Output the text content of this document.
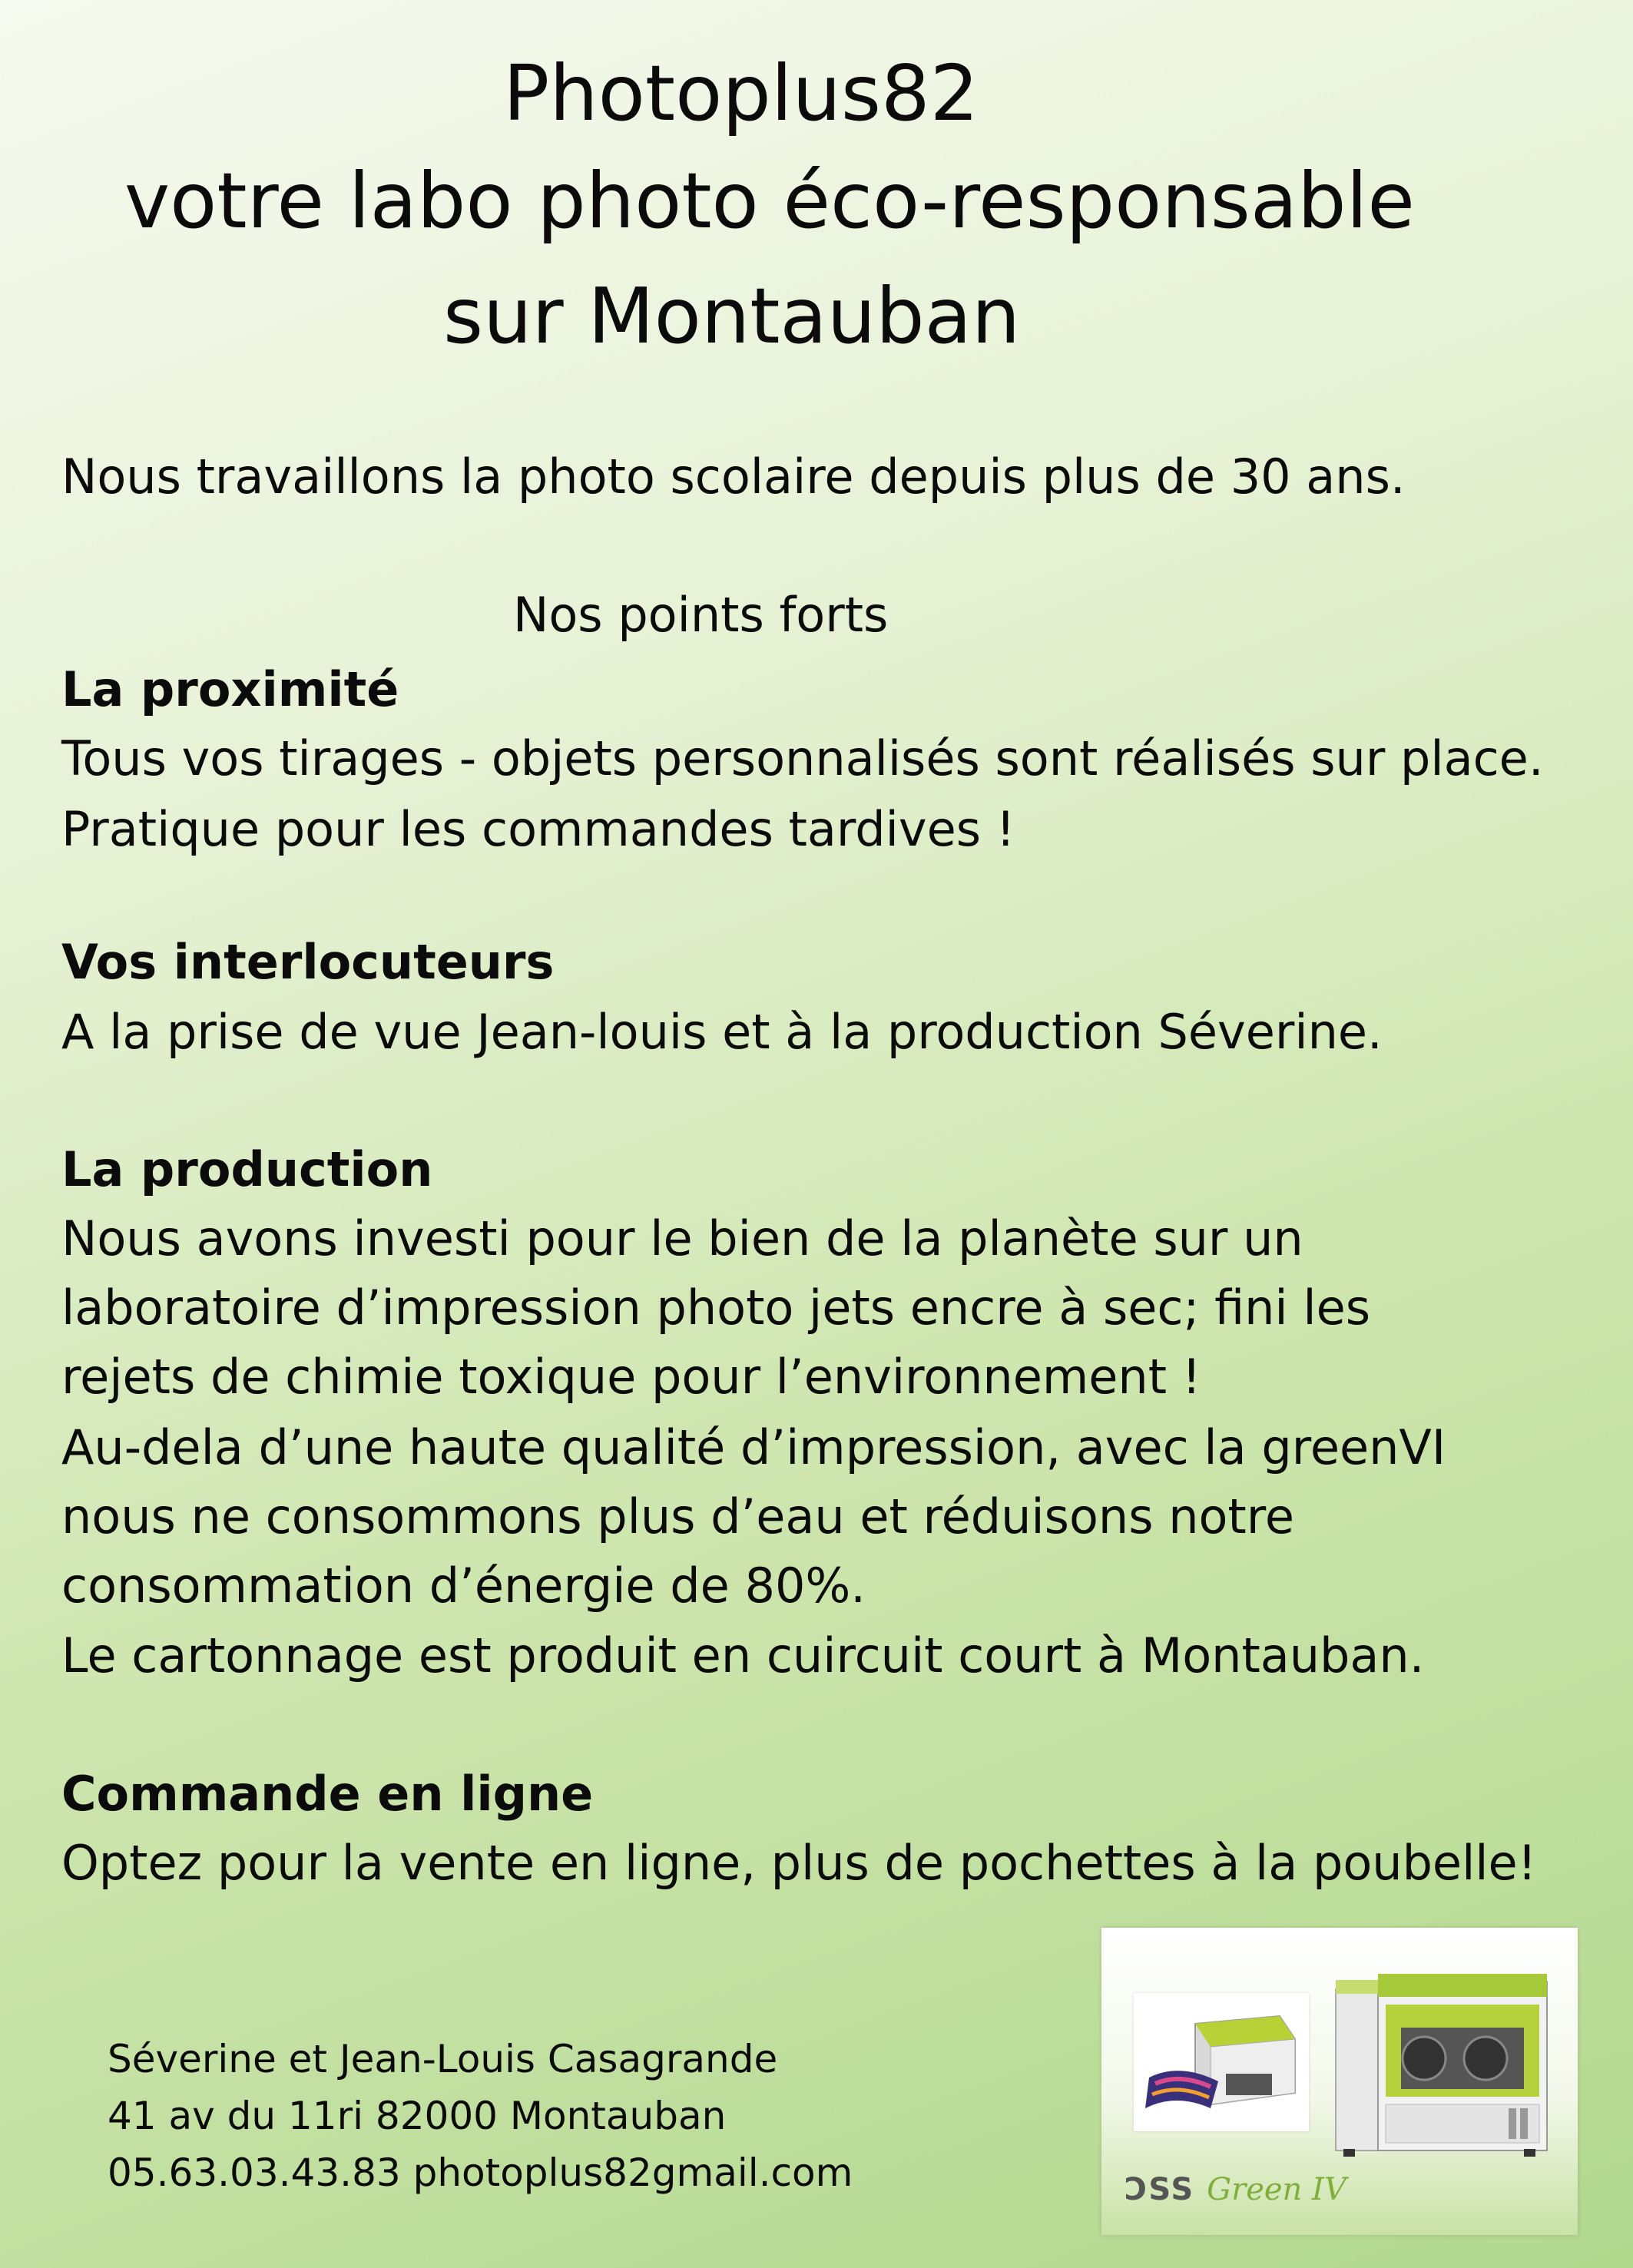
Photoplus82
votre labo photo éco-responsable
sur Montauban
Nous travaillons la photo scolaire depuis plus de 30 ans.
Nos points forts
La proximité
Tous vos tirages - objets personnalisés sont réalisés sur place.
Pratique pour les commandes tardives !
Vos interlocuteurs
A la prise de vue Jean-louis et à la production Séverine.
La production
Nous avons investi pour le bien de la planète sur un
laboratoire d’impression photo jets encre à sec; fini les
rejets de chimie toxique pour l’environnement !
Au-dela d’une haute qualité d’impression, avec la greenVI
nous ne consommons plus d’eau et réduisons notre
consommation d’énergie de 80%.
Le cartonnage est produit en cuircuit court à Montauban.
Commande en ligne
Optez pour la vente en ligne, plus de pochettes à la poubelle!
Séverine et Jean-Louis Casagrande
41 av du 11ri 82000 Montauban
05.63.03.43.83 photoplus82gmail.com	ƆSS Green IV
